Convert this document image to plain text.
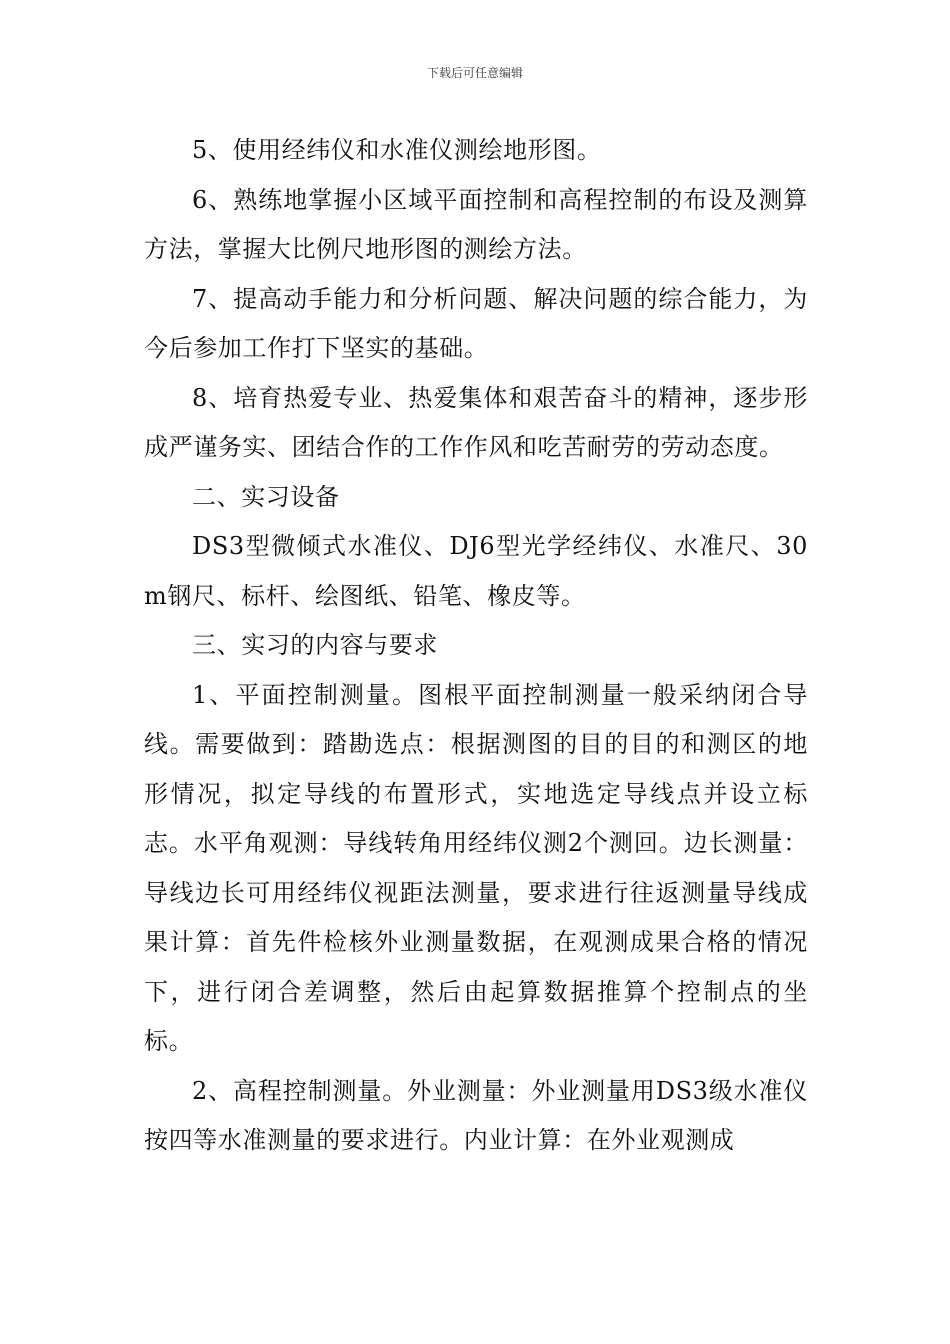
下载后可任意编辑

5、使用经纬仪和水准仪测绘地形图。

6、熟练地掌握小区域平面控制和高程控制的布设及测算方法，掌握大比例尺地形图的测绘方法。

7、提高动手能力和分析问题、解决问题的综合能力，为今后参加工作打下坚实的基础。

8、培育热爱专业、热爱集体和艰苦奋斗的精神，逐步形成严谨务实、团结合作的工作作风和吃苦耐劳的劳动态度。

二、实习设备

DS3型微倾式水准仪、DJ6型光学经纬仪、水准尺、30m钢尺、标杆、绘图纸、铅笔、橡皮等。

三、实习的内容与要求

1、平面控制测量。图根平面控制测量一般采纳闭合导线。需要做到：踏勘选点：根据测图的目的目的和测区的地形情况，拟定导线的布置形式，实地选定导线点并设立标志。水平角观测：导线转角用经纬仪测2个测回。边长测量：导线边长可用经纬仪视距法测量，要求进行往返测量导线成果计算：首先件检核外业测量数据，在观测成果合格的情况下，进行闭合差调整，然后由起算数据推算个控制点的坐标。

2、高程控制测量。外业测量：外业测量用DS3级水准仪按四等水准测量的要求进行。内业计算：在外业观测成
